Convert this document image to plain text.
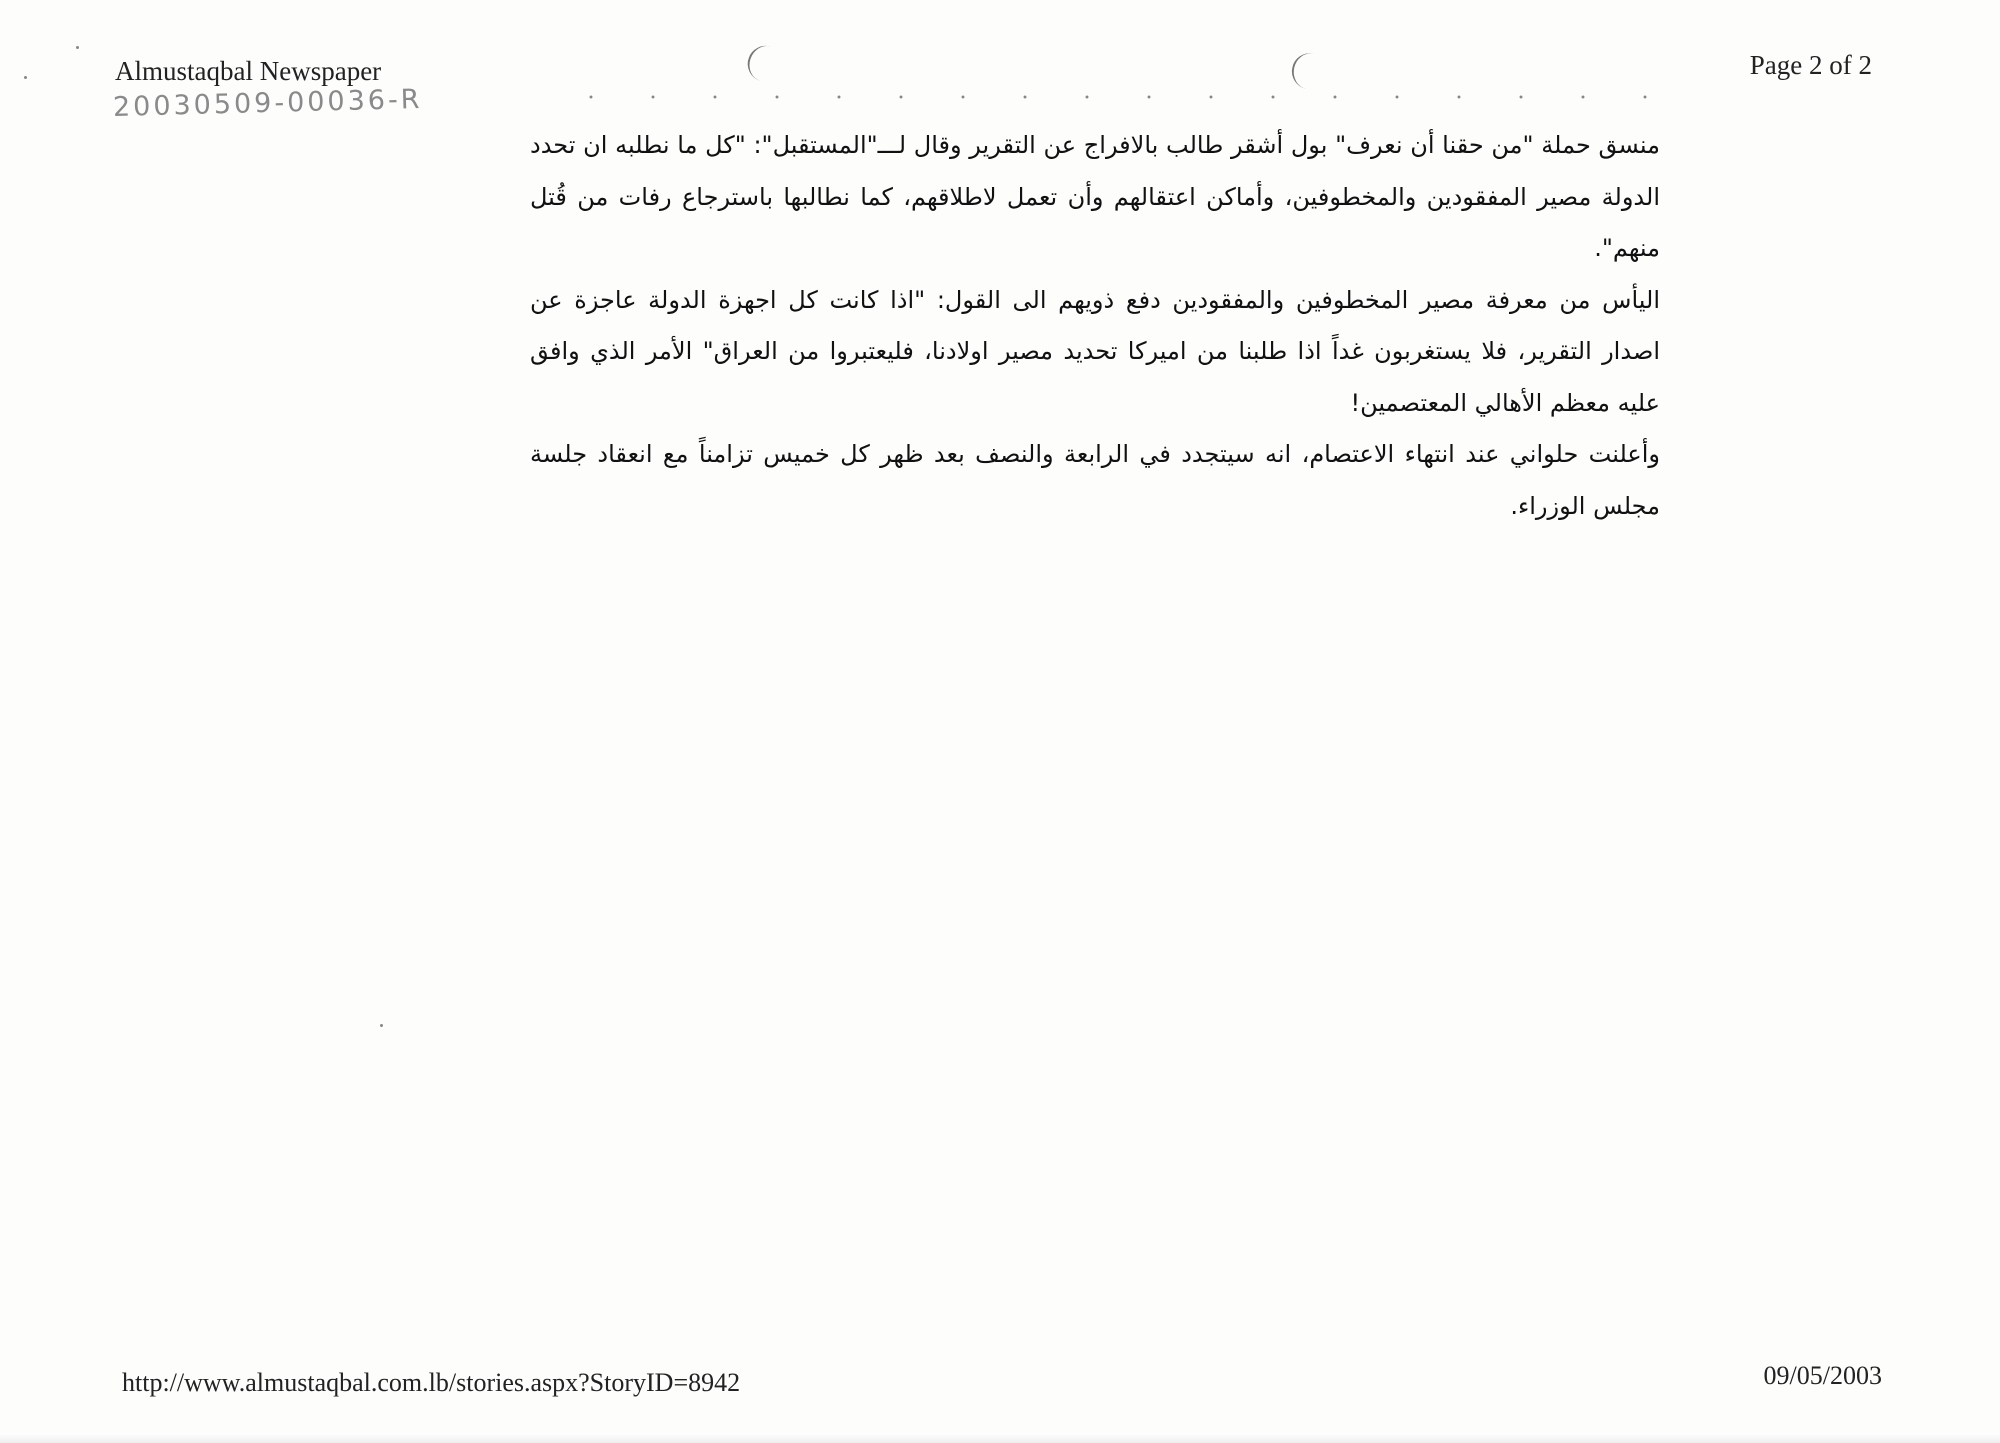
Almustaqbal Newspaper
20030509-00036-R
Page 2 of 2

منسق حملة "من حقنا أن نعرف" بول أشقر طالب بالافراج عن التقرير وقال لـــ"المستقبل": "كل ما نطلبه ان تحدد الدولة مصير المفقودين والمخطوفين، وأماكن اعتقالهم وأن تعمل لاطلاقهم، كما نطالبها باسترجاع رفات من قُتل منهم".

اليأس من معرفة مصير المخطوفين والمفقودين دفع ذويهم الى القول: "اذا كانت كل اجهزة الدولة عاجزة عن اصدار التقرير، فلا يستغربون غداً اذا طلبنا من اميركا تحديد مصير اولادنا، فليعتبروا من العراق" الأمر الذي وافق عليه معظم الأهالي المعتصمين!

وأعلنت حلواني عند انتهاء الاعتصام، انه سيتجدد في الرابعة والنصف بعد ظهر كل خميس تزامناً مع انعقاد جلسة مجلس الوزراء.

http://www.almustaqbal.com.lb/stories.aspx?StoryID=8942	09/05/2003
